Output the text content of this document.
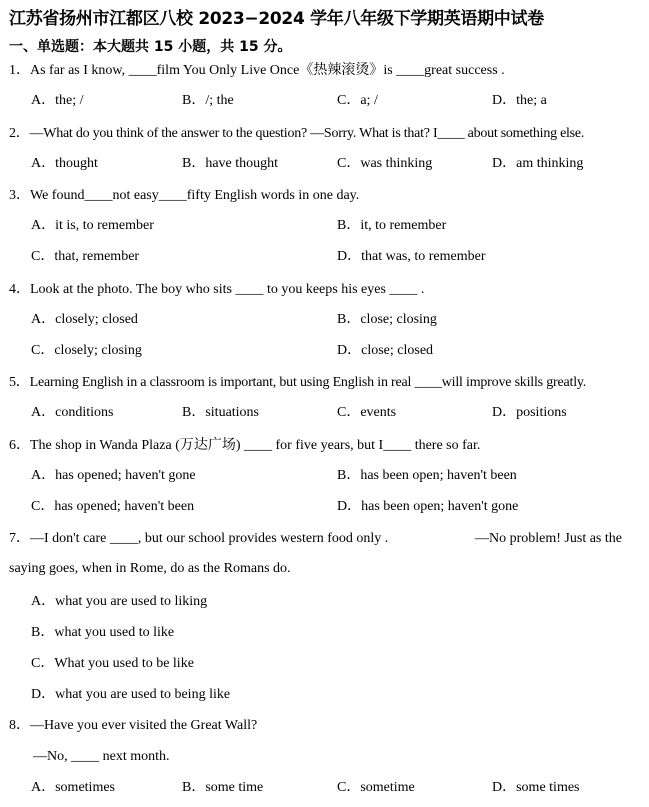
江苏省扬州市江都区八校 2023−2024 学年八年级下学期英语期中试卷
一、单选题：本大题共 15 小题，共 15 分。
1．As far as I know, ____film You Only Live Once《热辣滚烫》is ____great success .
A．the; /	B．/; the	C．a; /	D．the; a
2．—What do you think of the answer to the question? —Sorry. What is that? I____ about something else.
A．thought	B．have thought	C．was thinking	D．am thinking
3．We found____not easy____fifty English words in one day.
A．it is, to remember	B．it, to remember
C．that, remember	D．that was, to remember
4．Look at the photo. The boy who sits ____ to you keeps his eyes ____ .
A．closely; closed	B．close; closing
C．closely; closing	D．close; closed
5．Learning English in a classroom is important, but using English in real ____will improve skills greatly.
A．conditions	B．situations	C．events	D．positions
6．The shop in Wanda Plaza (万达广场) ____ for five years, but I____ there so far.
A．has opened; haven't gone	B．has been open; haven't been
C．has opened; haven't been	D．has been open; haven't gone
7．—I don't care ____, but our school provides western food only .	—No problem! Just as the
saying goes, when in Rome, do as the Romans do.
A．what you are used to liking
B．what you used to like
C．What you used to be like
D．what you are used to being like
8．—Have you ever visited the Great Wall?
—No, ____ next month.
A．sometimes	B．some time	C．sometime	D．some times
